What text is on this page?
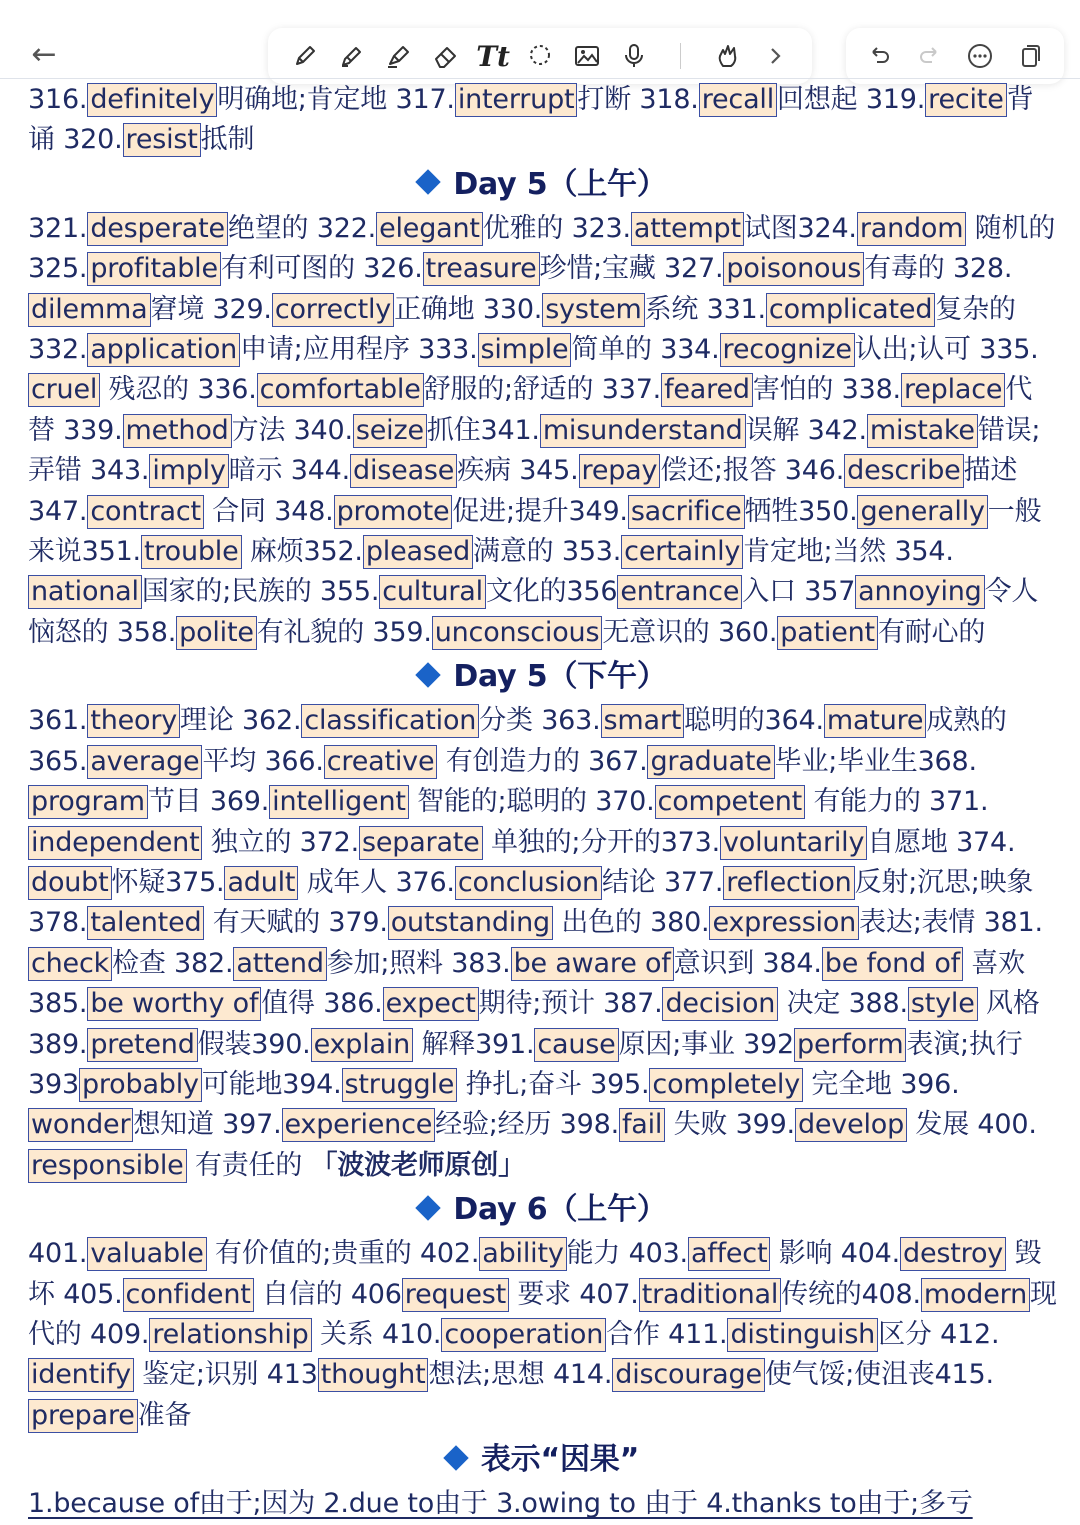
←	Tt

316. definitely 明确地;肯定地 317. interrupt 打断 318. recall 回想起 319. recite 背诵 320. resist 抵制

Day 5（上午）

321. desperate 绝望的 322. elegant 优雅的 323. attempt 试图324. random 随机的 325. profitable 有利可图的 326. treasure 珍惜;宝藏 327. poisonous 有毒的 328.dilemma 窘境 329. correctly 正确地 330. system 系统 331. complicated 复杂的332. application 申请;应用程序 333. simple 简单的 334. recognize 认出;认可 335.cruel 残忍的 336. comfortable 舒服的;舒适的 337. feared 害怕的 338. replace 代替 339. method 方法 340. seize 抓住341. misunderstand 误解 342. mistake 错误;弄错 343. imply 暗示 344. disease 疾病 345. repay 偿还;报答 346. describe 描述347. contract 合同 348. promote 促进;提升349. sacrifice 牺牲350. generally 一般来说351. trouble 麻烦352. pleased 满意的 353. certainly 肯定地;当然 354.national 国家的;民族的 355. cultural 文化的356 entrance 入口 357 annoying 令人恼怒的 358. polite 有礼貌的 359. unconscious 无意识的 360. patient 有耐心的

Day 5（下午）

361. theory 理论 362. classification 分类 363. smart 聪明的364. mature 成熟的 365. average 平均 366. creative 有创造力的 367. graduate 毕业;毕业生368.program 节目 369. intelligent 智能的;聪明的 370. competent 有能力的 371.independent 独立的 372. separate 单独的;分开的373. voluntarily 自愿地 374.doubt 怀疑375. adult 成年人 376. conclusion 结论 377. reflection 反射;沉思;映象 378. talented 有天赋的 379. outstanding 出色的 380. expression 表达;表情 381.check 检查 382. attend 参加;照料 383. be aware of 意识到 384. be fond of 喜欢 385. be worthy of 值得 386. expect 期待;预计 387. decision 决定 388. style 风格 389. pretend 假装390. explain 解释391. cause 原因;事业 392 perform 表演;执行 393 probably 可能地394. struggle 挣扎;奋斗 395. completely 完全地 396.wonder 想知道 397. experience 经验;经历 398. fail 失败 399. develop 发展 400.responsible 有责任的 「波波老师原创」

Day 6（上午）

401. valuable 有价值的;贵重的 402. ability 能力 403. affect 影响 404. destroy 毁坏 405. confident 自信的 406 request 要求 407. traditional 传统的408. modern 现代的 409. relationship 关系 410. cooperation 合作 411. distinguish 区分 412.identify 鉴定;识别 413 thought 想法;思想 414. discourage 使气馁;使沮丧415.prepare 准备

表示“因果”

1.because of由于;因为 2.due to由于 3.owing to 由于 4.thanks to由于;多亏
